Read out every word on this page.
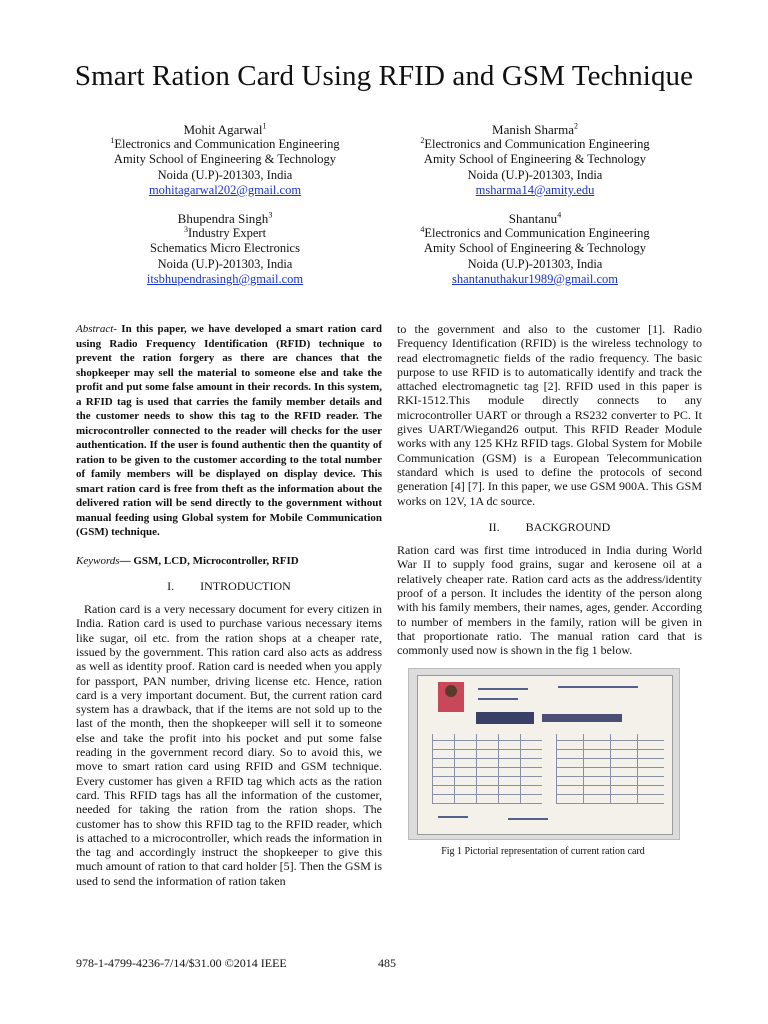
Smart Ration Card Using RFID and GSM Technique
Mohit Agarwal$^1$
$^1$Electronics and Communication Engineering
Amity School of Engineering & Technology
Noida (U.P)-201303, India
mohitagarwal202@gmail.com
Manish Sharma$^2$
$^2$Electronics and Communication Engineering
Amity School of Engineering & Technology
Noida (U.P)-201303, India
msharma14@amity.edu
Bhupendra Singh$^3$
$^3$Industry Expert
Schematics Micro Electronics
Noida (U.P)-201303, India
itsbhupendrasingh@gmail.com
Shantanu$^4$
$^4$Electronics and Communication Engineering
Amity School of Engineering & Technology
Noida (U.P)-201303, India
shantanuthakur1989@gmail.com

Abstract- In this paper, we have developed a smart ration card using Radio Frequency Identification (RFID) technique to prevent the ration forgery as there are chances that the shopkeeper may sell the material to someone else and take the profit and put some false amount in their records. In this system, a RFID tag is used that carries the family member details and the customer needs to show this tag to the RFID reader. The microcontroller connected to the reader will checks for the user authentication. If the user is found authentic then the quantity of ration to be given to the customer according to the total number of family members will be displayed on display device. This smart ration card is free from theft as the information about the delivered ration will be send directly to the government without manual feeding using Global system for Mobile Communication (GSM) technique.

Keywords— GSM, LCD, Microcontroller, RFID

I. INTRODUCTION

Ration card is a very necessary document for every citizen in India. Ration card is used to purchase various necessary items like sugar, oil etc. from the ration shops at a cheaper rate, issued by the government. This ration card also acts as address as well as identity proof. Ration card is needed when you apply for passport, PAN number, driving license etc. Hence, ration card is a very important document. But, the current ration card system has a drawback, that if the items are not sold up to the last of the month, then the shopkeeper will sell it to someone else and take the profit into his pocket and put some false reading in the government record diary. So to avoid this, we move to smart ration card using RFID and GSM technique. Every customer has given a RFID tag which acts as the ration card. This RFID tags has all the information of the customer, needed for taking the ration from the ration shops. The customer has to show this RFID tag to the RFID reader, which is attached to a microcontroller, which reads the information in the tag and accordingly instruct the shopkeeper to give this much amount of ration to that card holder [5]. Then the GSM is used to send the information of ration taken

to the government and also to the customer [1]. Radio Frequency Identification (RFID) is the wireless technology to read electromagnetic fields of the radio frequency. The basic purpose to use RFID is to automatically identify and track the attached electromagnetic tag [2]. RFID used in this paper is RKI-1512.This module directly connects to any microcontroller UART or through a RS232 converter to PC. It gives UART/Wiegand26 output. This RFID Reader Module works with any 125 KHz RFID tags. Global System for Mobile Communication (GSM) is a European Telecommunication standard which is used to define the protocols of second generation [4] [7]. In this paper, we use GSM 900A. This GSM works on 12V, 1A dc source.

II. BACKGROUND

Ration card was first time introduced in India during World War II to supply food grains, sugar and kerosene oil at a relatively cheaper rate. Ration card acts as the address/identity proof of a person. It includes the identity of the person along with his family members, their names, ages, gender. According to number of members in the family, ration will be given in that proportionate ratio. The manual ration card that is commonly used now is shown in the fig 1 below.

Fig 1 Pictorial representation of current ration card
978-1-4799-4236-7/14/$31.00 ©2014 IEEE	485
